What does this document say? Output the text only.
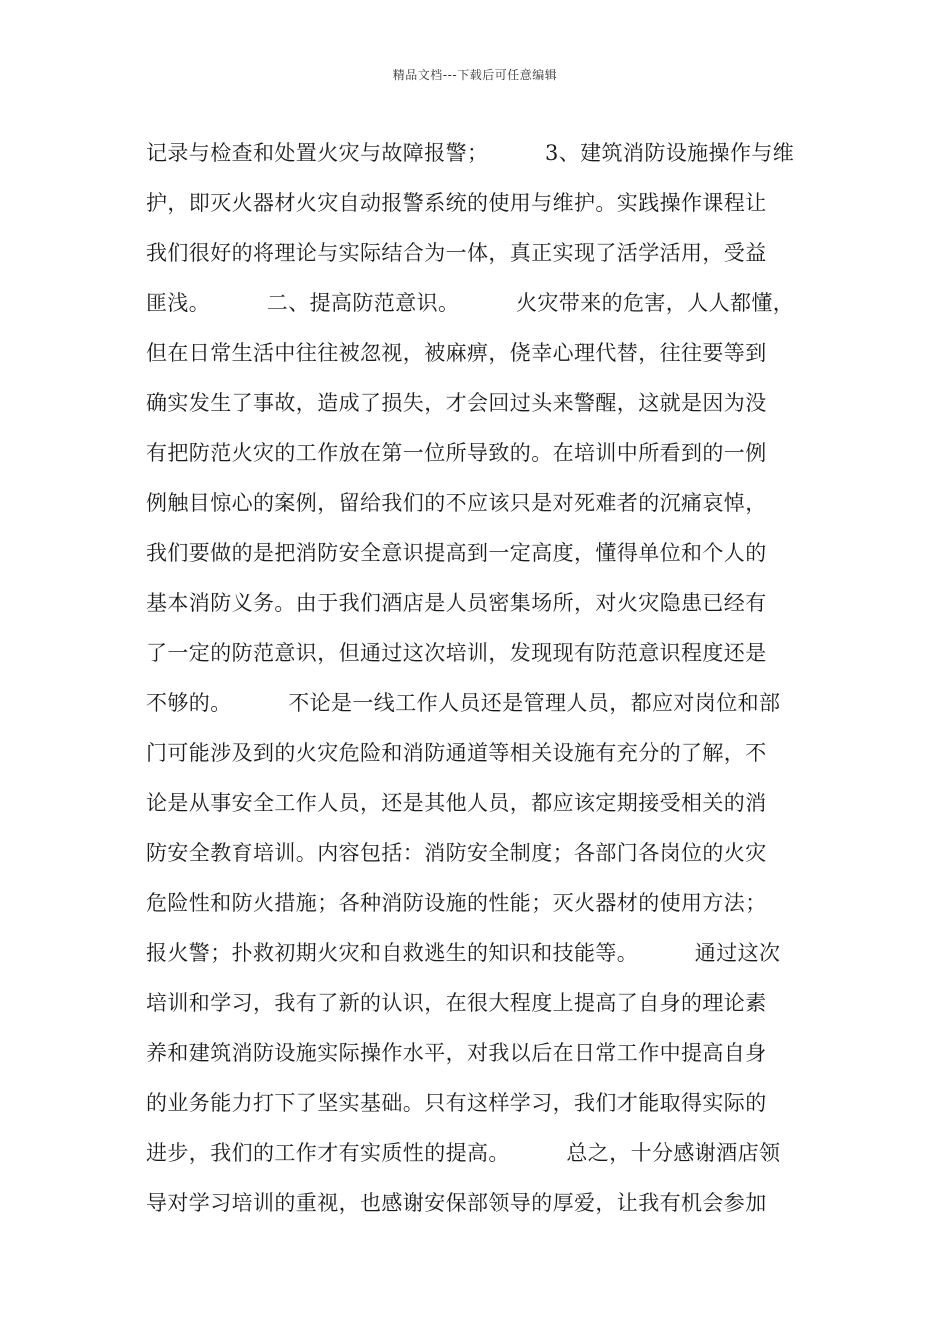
精品文档---下载后可任意编辑
记录与检查和处置火灾与故障报警；        3、建筑消防设施操作与维
护，即灭火器材火灾自动报警系统的使用与维护。实践操作课程让
我们很好的将理论与实际结合为一体，真正实现了活学活用，受益
匪浅。        二、提高防范意识。        火灾带来的危害，人人都懂，
但在日常生活中往往被忽视，被麻痹，侥幸心理代替，往往要等到
确实发生了事故，造成了损失，才会回过头来警醒，这就是因为没
有把防范火灾的工作放在第一位所导致的。在培训中所看到的一例
例触目惊心的案例，留给我们的不应该只是对死难者的沉痛哀悼，
我们要做的是把消防安全意识提高到一定高度，懂得单位和个人的
基本消防义务。由于我们酒店是人员密集场所，对火灾隐患已经有
了一定的防范意识，但通过这次培训，发现现有防范意识程度还是
不够的。        不论是一线工作人员还是管理人员，都应对岗位和部
门可能涉及到的火灾危险和消防通道等相关设施有充分的了解，不
论是从事安全工作人员，还是其他人员，都应该定期接受相关的消
防安全教育培训。内容包括：消防安全制度；各部门各岗位的火灾
危险性和防火措施；各种消防设施的性能；灭火器材的使用方法；
报火警；扑救初期火灾和自救逃生的知识和技能等。        通过这次
培训和学习，我有了新的认识，在很大程度上提高了自身的理论素
养和建筑消防设施实际操作水平，对我以后在日常工作中提高自身
的业务能力打下了坚实基础。只有这样学习，我们才能取得实际的
进步，我们的工作才有实质性的提高。        总之，十分感谢酒店领
导对学习培训的重视，也感谢安保部领导的厚爱，让我有机会参加
